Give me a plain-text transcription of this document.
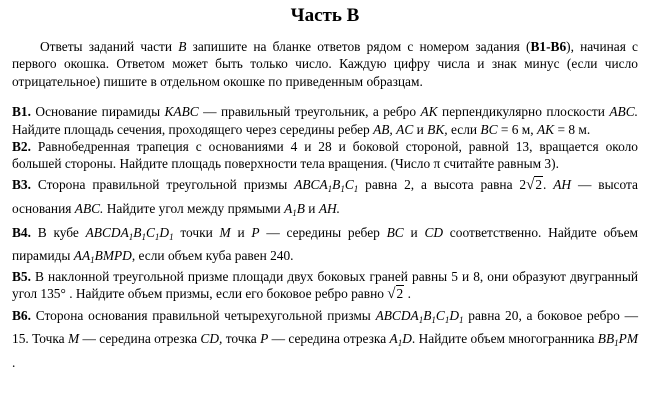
Часть В

Ответы заданий части В запишите на бланке ответов рядом с номером задания (В1-В6), начиная с первого окошка. Ответом может быть только число. Каждую цифру числа и знак минус (если число отрицательное) пишите в отдельном окошке по приведенным образцам.

В1. Основание пирамиды KABC — правильный треугольник, а ребро AK перпендикулярно плоскости ABC. Найдите площадь сечения, проходящего через середины ребер AB, AC и BK, если BC = 6 м, AK = 8 м.

В2. Равнобедренная трапеция с основаниями 4 и 28 и боковой стороной, равной 13, вращается около большей стороны. Найдите площадь поверхности тела вращения. (Число π считайте равным 3).

В3. Сторона правильной треугольной призмы $ABCA_1B_1C_1$ равна 2, а высота равна 2√2. AH — высота основания ABC. Найдите угол между прямыми $A_1B$ и AH.

В4. В кубе $ABCDA_1B_1C_1D_1$ точки M и P — середины ребер BC и CD соответственно. Найдите объем пирамиды $AA_1BMPD$, если объем куба равен 240.

В5. В наклонной треугольной призме площади двух боковых граней равны 5 и 8, они образуют двугранный угол 135° . Найдите объем призмы, если его боковое ребро равно √2 .

В6. Сторона основания правильной четырехугольной призмы $ABCDA_1B_1C_1D_1$ равна 20, а боковое ребро — 15. Точка M — середина отрезка CD, точка P — середина отрезка $A_1D$. Найдите объем многогранника $BB_1PM$ .
